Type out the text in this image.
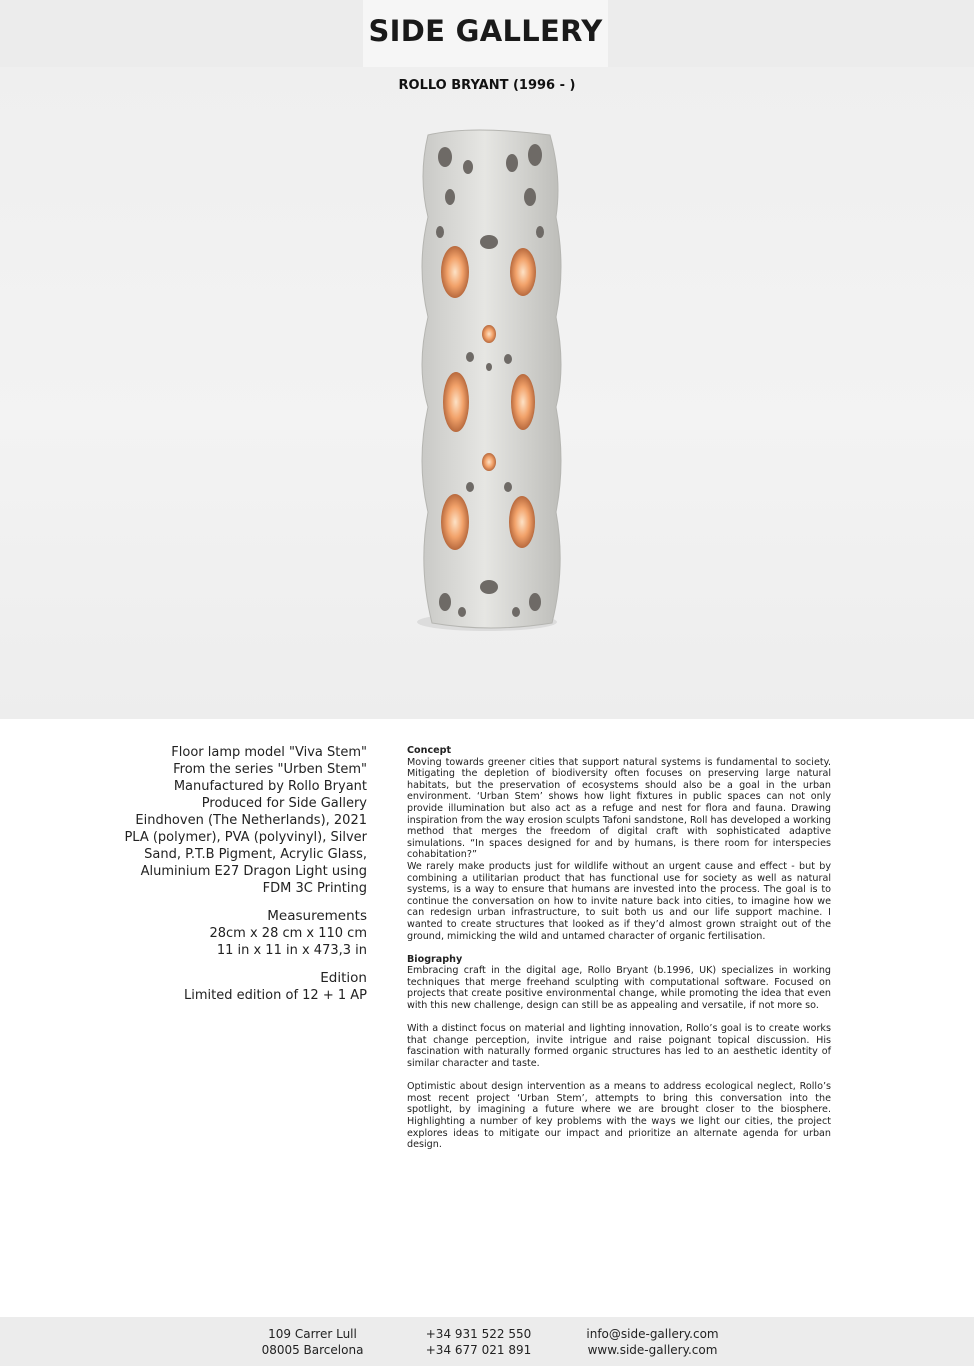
SIDE GALLERY
ROLLO BRYANT (1996 - )
Floor lamp model "Viva Stem"
From the series "Urben Stem"
Manufactured by Rollo Bryant
Produced for Side Gallery
Eindhoven (The Netherlands), 2021
PLA (polymer), PVA (polyvinyl), Silver
Sand, P.T.B Pigment, Acrylic Glass,
Aluminium E27 Dragon Light using
FDM 3C Printing
Measurements
28cm x 28 cm x 110 cm
11 in x 11 in x 473,3 in
Edition
Limited edition of 12 + 1 AP
Concept

Moving towards greener cities that support natural systems is fundamental to society. Mitigating the depletion of biodiversity often focuses on preserving large natural habitats, but the preservation of ecosystems should also be a goal in the urban environment. ‘Urban Stem’ shows how light fixtures in public spaces can not only provide illumination but also act as a refuge and nest for flora and fauna. Drawing inspiration from the way erosion sculpts Tafoni sandstone, Roll has developed a working method that merges the freedom of digital craft with sophisticated adaptive simulations. “In spaces designed for and by humans, is there room for interspecies cohabitation?”

We rarely make products just for wildlife without an urgent cause and effect - but by combining a utilitarian product that has functional use for society as well as natural systems, is a way to ensure that humans are invested into the process. The goal is to continue the conversation on how to invite nature back into cities, to imagine how we can redesign urban infrastructure, to suit both us and our life support machine. I wanted to create structures that looked as if they’d almost grown straight out of the ground, mimicking the wild and untamed character of organic fertilisation.

Biography

Embracing craft in the digital age, Rollo Bryant (b.1996, UK) specializes in working techniques that merge freehand sculpting with computational software. Focused on projects that create positive environmental change, while promoting the idea that even with this new challenge, design can still be as appealing and versatile, if not more so.

With a distinct focus on material and lighting innovation, Rollo’s goal is to create works that change perception, invite intrigue and raise poignant topical discussion. His fascination with naturally formed organic structures has led to an aesthetic identity of similar character and taste.

Optimistic about design intervention as a means to address ecological neglect, Rollo’s most recent project ‘Urban Stem’, attempts to bring this conversation into the spotlight, by imagining a future where we are brought closer to the biosphere. Highlighting a number of key problems with the ways we light our cities, the project explores ideas to mitigate our impact and prioritize an alternate agenda for urban design.

109 Carrer Lull
08005 Barcelona
+34 931 522 550
+34 677 021 891
info@side-gallery.com
www.side-gallery.com
